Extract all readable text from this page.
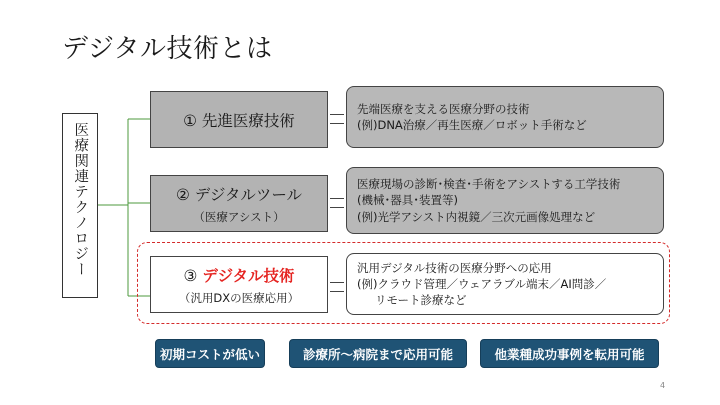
デジタル技術とは
医療関連テクノロジー
① 先進医療技術
先端医療を支える医療分野の技術
(例)DNA治療／再生医療／ロボット手術など
② デジタルツール
（医療アシスト）
医療現場の診断･検査･手術をアシストする工学技術
(機械･器具･装置等)
(例)光学アシスト内視鏡／三次元画像処理など
③ デジタル技術
（汎用DXの医療応用）
汎用デジタル技術の医療分野への応用
(例)クラウド管理／ウェアラブル端末／AI問診／
リモート診療など
初期コストが低い	診療所～病院まで応用可能	他業種成功事例を転用可能
4
